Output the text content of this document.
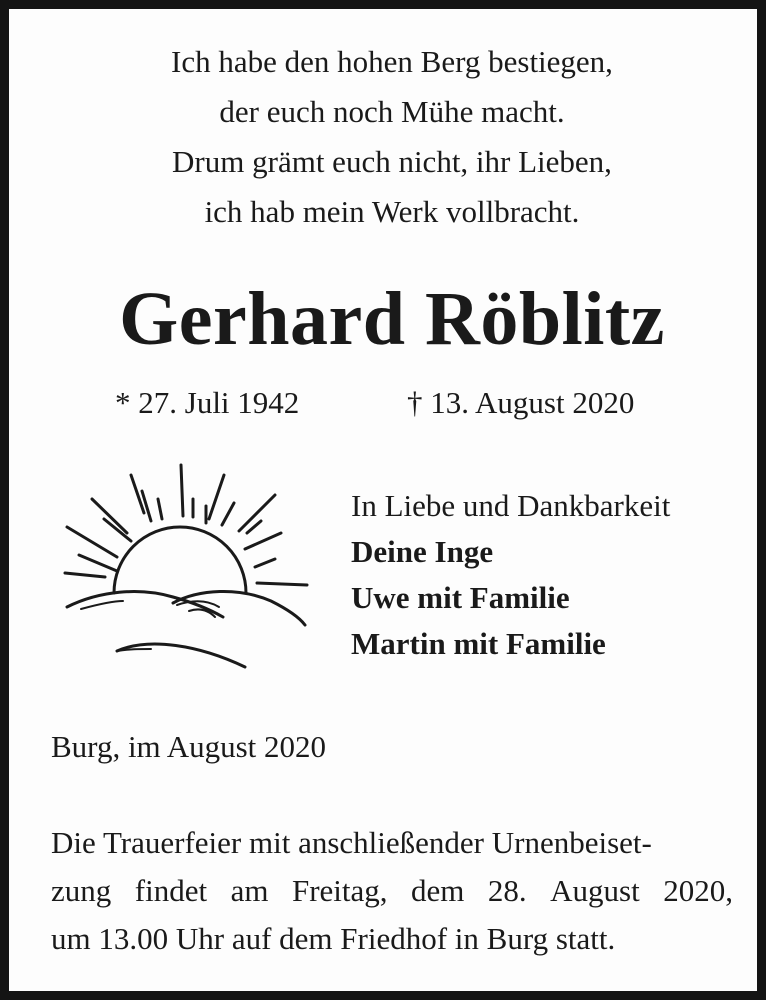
Ich habe den hohen Berg bestiegen,
der euch noch Mühe macht.
Drum grämt euch nicht, ihr Lieben,
ich hab mein Werk vollbracht.
Gerhard Röblitz
* 27. Juli 1942	† 13. August 2020
In Liebe und Dankbarkeit
Deine Inge
Uwe mit Familie
Martin mit Familie
Burg, im August 2020
Die Trauerfeier mit anschließender Urnenbeiset-
zung findet am Freitag, dem 28. August 2020,
um 13.00 Uhr auf dem Friedhof in Burg statt.
